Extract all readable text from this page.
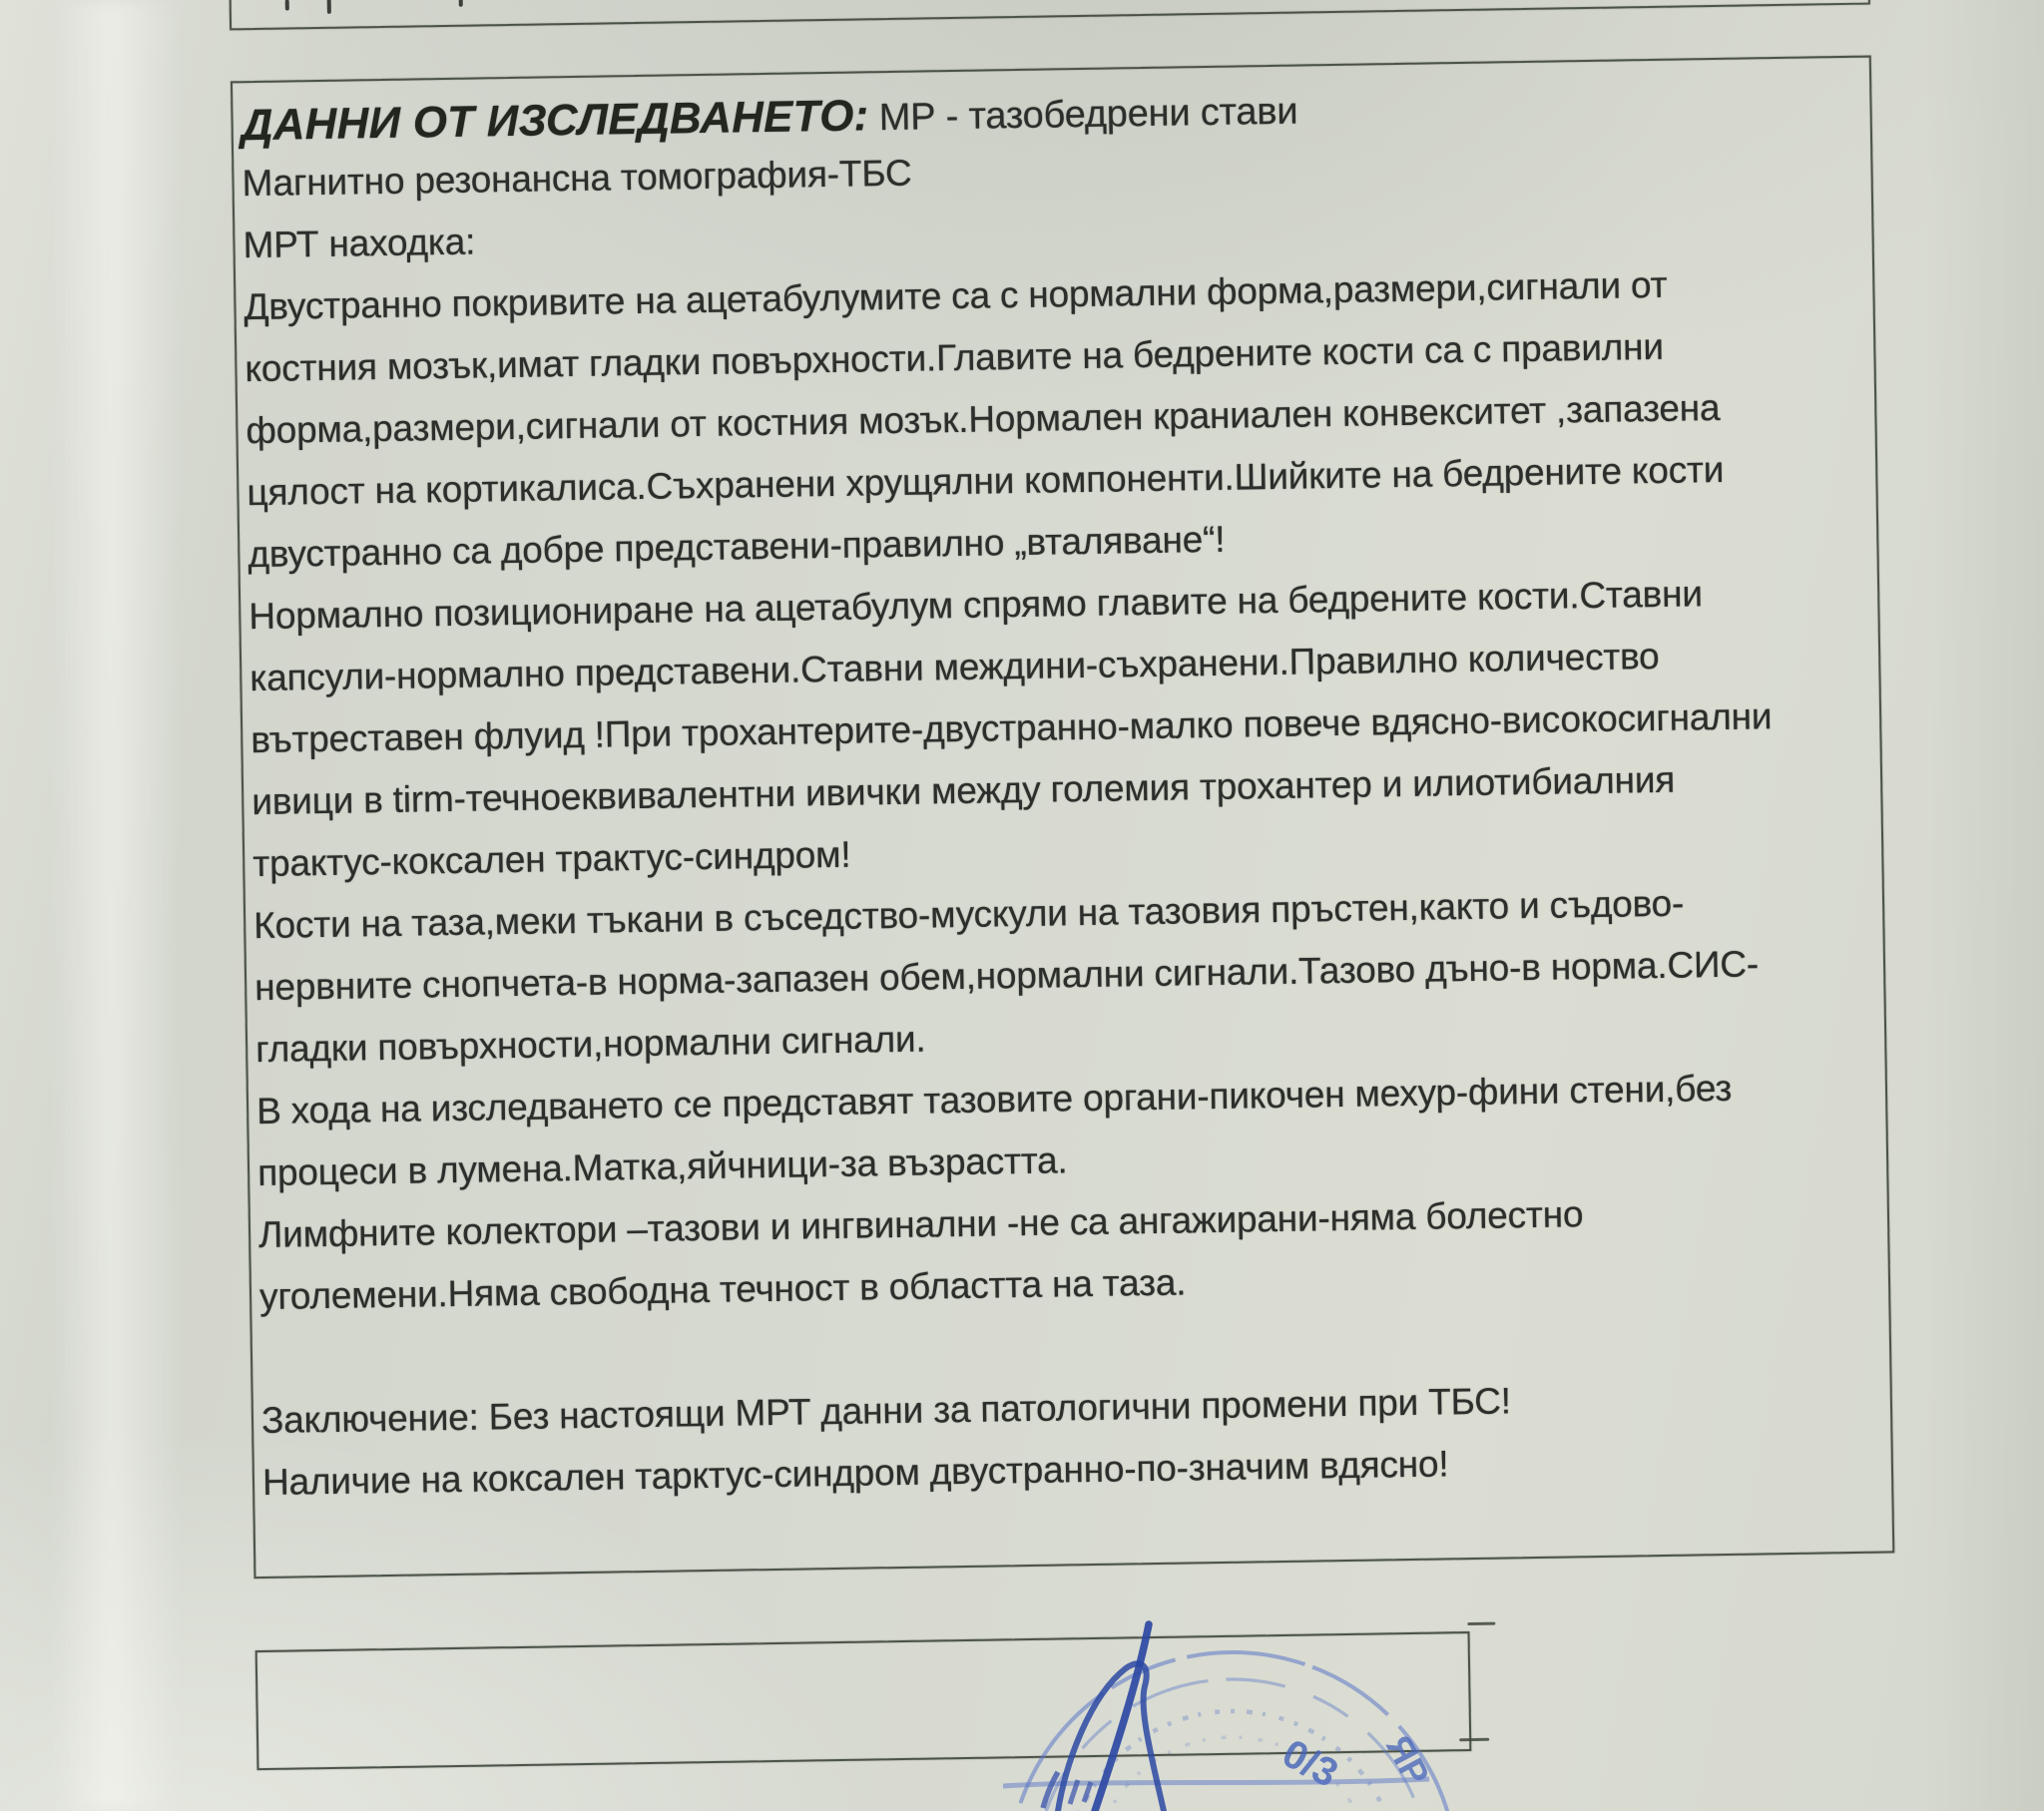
ДАННИ ОТ ИЗСЛЕДВАНЕТО: МР - тазобедрени стави
Магнитно резонансна томография-ТБС
МРТ находка:
Двустранно покривите на ацетабулумите са с нормални форма,размери,сигнали от
костния мозък,имат гладки повърхности.Главите на бедрените кости са с правилни
форма,размери,сигнали от костния мозък.Нормален краниален конвекситет ,запазена
цялост на кортикалиса.Съхранени хрущялни компоненти.Шийките на бедрените кости
двустранно са добре представени-правилно „вталяване“!
Нормално позициониране на ацетабулум спрямо главите на бедрените кости.Ставни
капсули-нормално представени.Ставни междини-съхранени.Правилно количество
вътреставен флуид !При трохантерите-двустранно-малко повече вдясно-високосигнални
ивици в tirm-течноеквивалентни ивички между големия трохантер и илиотибиалния
трактус-коксален трактус-синдром!
Кости на таза,меки тъкани в съседство-мускули на тазовия пръстен,както и съдово-
нервните снопчета-в норма-запазен обем,нормални сигнали.Тазово дъно-в норма.СИС-
гладки повърхности,нормални сигнали.
В хода на изследването се представят тазовите органи-пикочен мехур-фини стени,без
процеси в лумена.Матка,яйчници-за възрастта.
Лимфните колектори –тазови и ингвинални -не са ангажирани-няма болестно
уголемени.Няма свободна течност в областта на таза.
Заключение: Без настоящи МРТ данни за патологични промени при ТБС!
Наличие на коксален тарктус-синдром двустранно-по-значим вдясно!
0/3 ЯР
